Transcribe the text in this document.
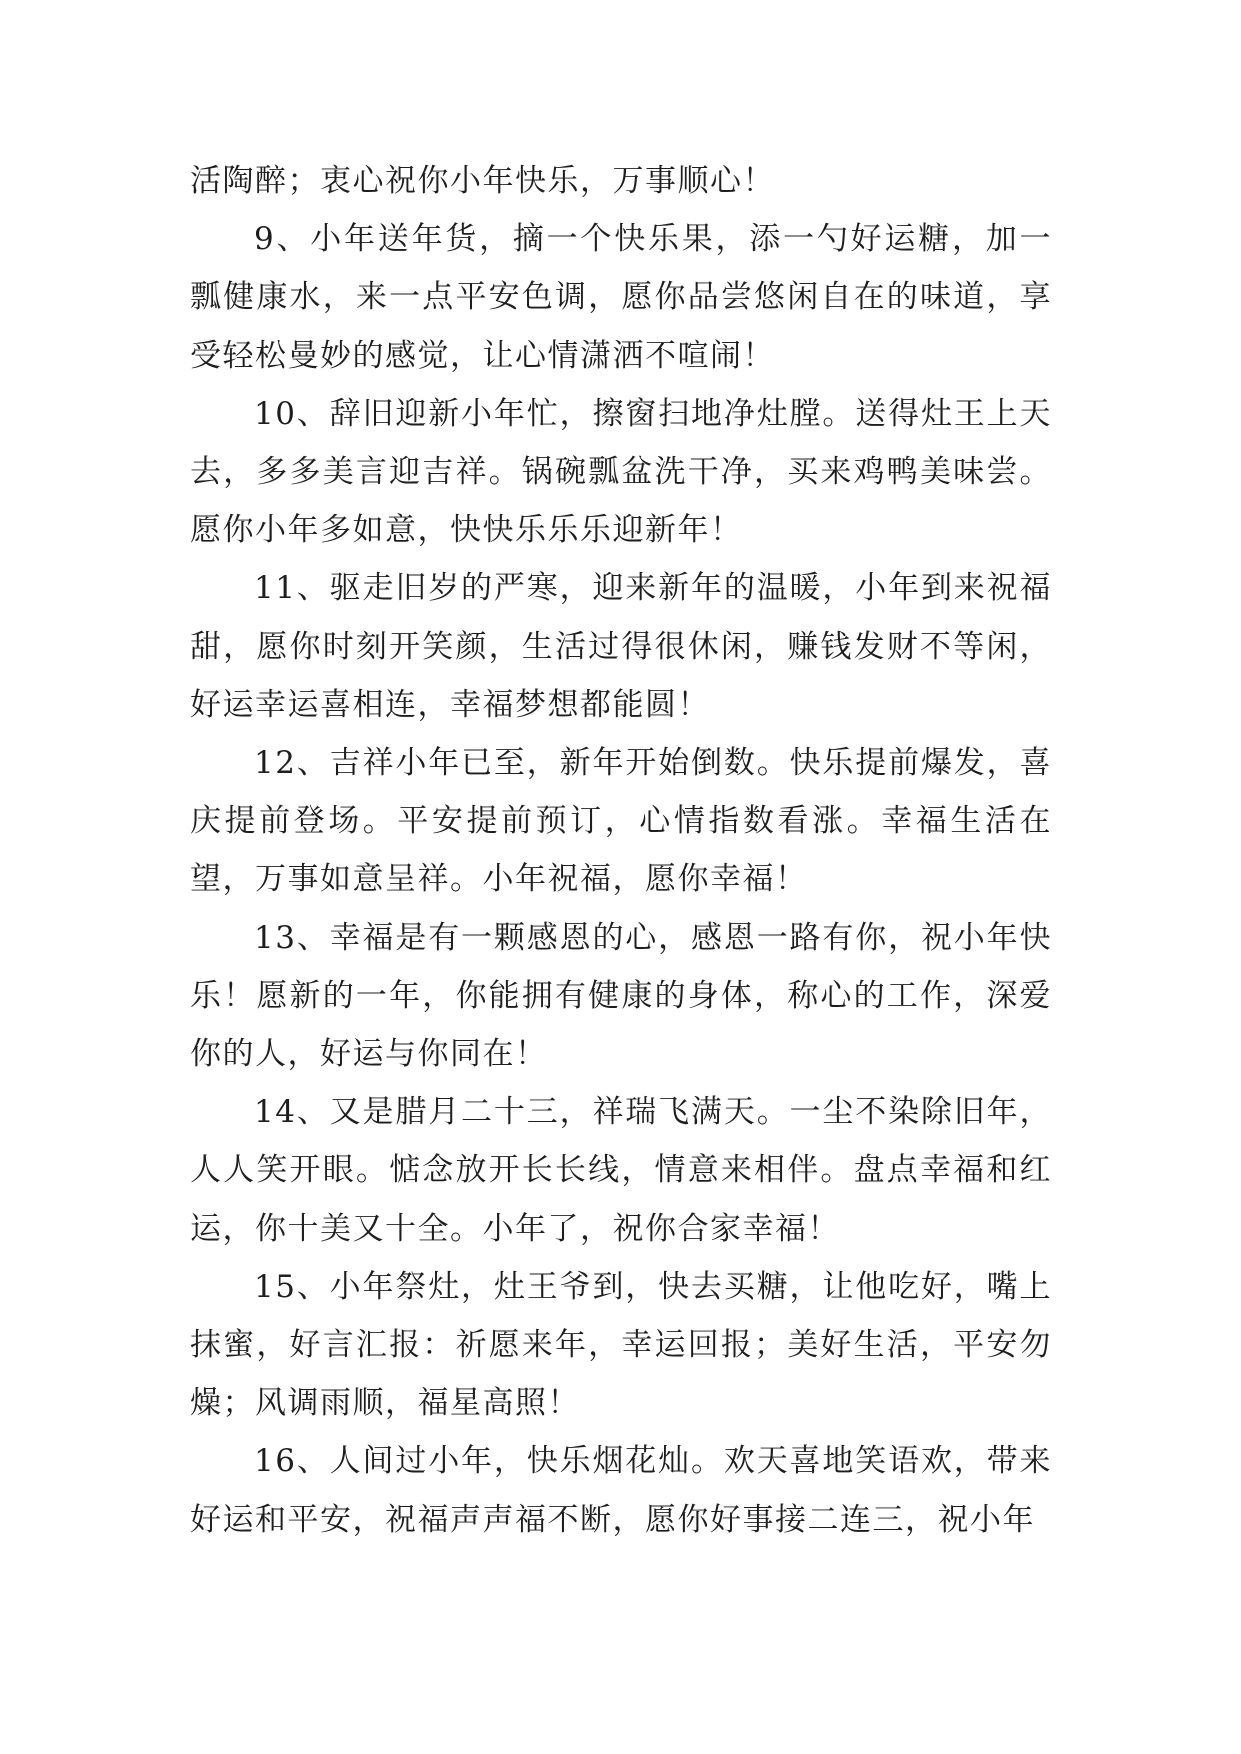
活陶醉；衷心祝你小年快乐，万事顺心！

9、小年送年货，摘一个快乐果，添一勺好运糖，加一瓢健康水，来一点平安色调，愿你品尝悠闲自在的味道，享受轻松曼妙的感觉，让心情潇洒不喧闹！

10、辞旧迎新小年忙，擦窗扫地净灶膛。送得灶王上天去，多多美言迎吉祥。锅碗瓢盆洗干净，买来鸡鸭美味尝。愿你小年多如意，快快乐乐乐迎新年！

11、驱走旧岁的严寒，迎来新年的温暖，小年到来祝福甜，愿你时刻开笑颜，生活过得很休闲，赚钱发财不等闲，好运幸运喜相连，幸福梦想都能圆！

12、吉祥小年已至，新年开始倒数。快乐提前爆发，喜庆提前登场。平安提前预订，心情指数看涨。幸福生活在望，万事如意呈祥。小年祝福，愿你幸福！

13、幸福是有一颗感恩的心，感恩一路有你，祝小年快乐！愿新的一年，你能拥有健康的身体，称心的工作，深爱你的人，好运与你同在！

14、又是腊月二十三，祥瑞飞满天。一尘不染除旧年，人人笑开眼。惦念放开长长线，情意来相伴。盘点幸福和红运，你十美又十全。小年了，祝你合家幸福！

15、小年祭灶，灶王爷到，快去买糖，让他吃好，嘴上抹蜜，好言汇报：祈愿来年，幸运回报；美好生活，平安勿燥；风调雨顺，福星高照！

16、人间过小年，快乐烟花灿。欢天喜地笑语欢，带来好运和平安，祝福声声福不断，愿你好事接二连三，祝小年
